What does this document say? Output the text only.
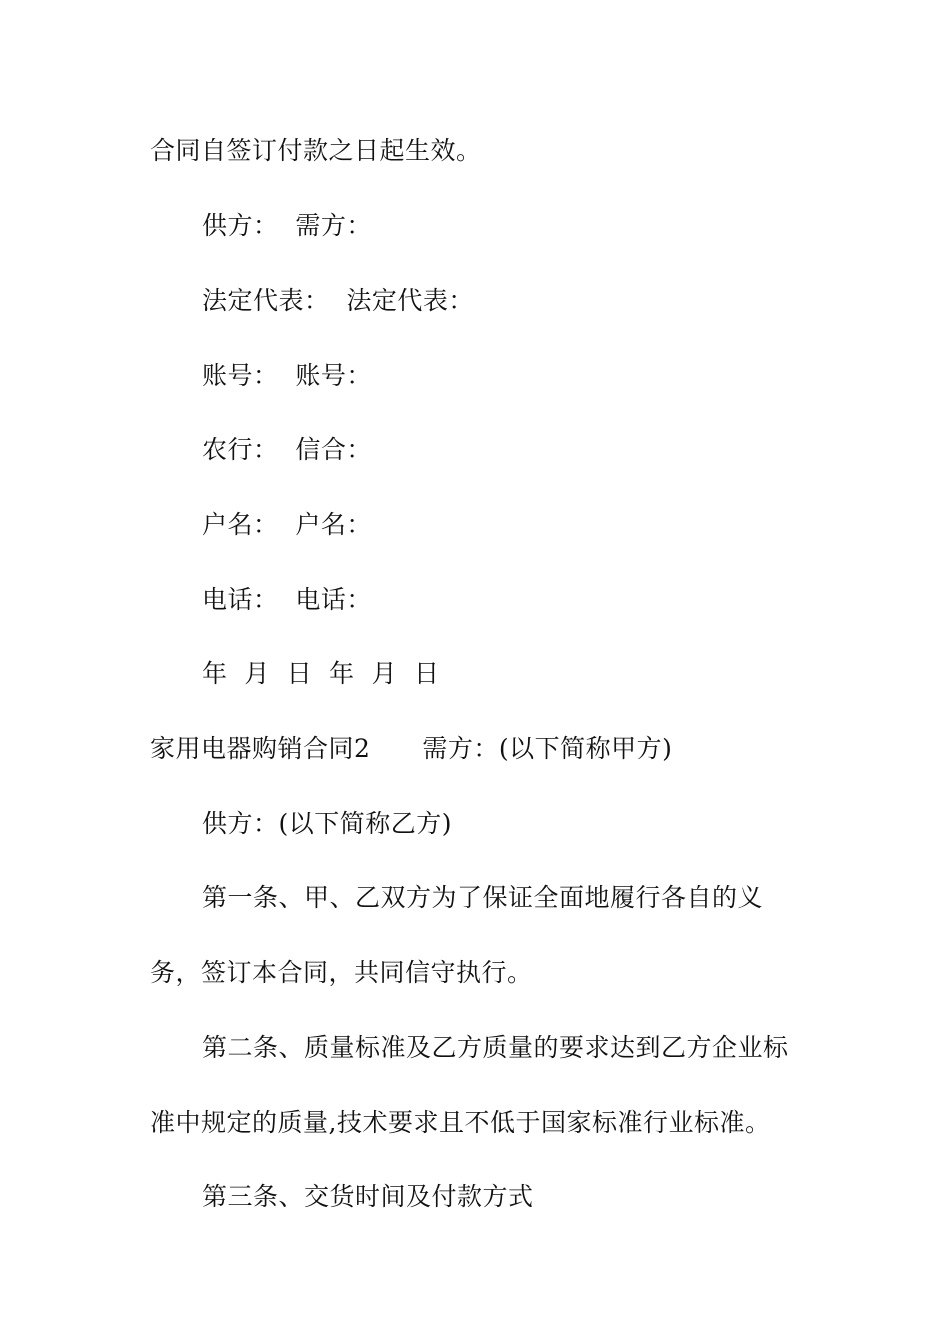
合同自签订付款之日起生效。
供方：  需方：
法定代表：  法定代表：
账号：  账号：
农行：  信合：
户名：  户名：
电话：  电话：
年  月  日  年  月  日
家用电器购销合同2 需方：(以下简称甲方)
供方：(以下简称乙方)
第一条、甲、乙双方为了保证全面地履行各自的义
务，签订本合同，共同信守执行。
第二条、质量标准及乙方质量的要求达到乙方企业标
准中规定的质量,技术要求且不低于国家标准行业标准。
第三条、交货时间及付款方式
